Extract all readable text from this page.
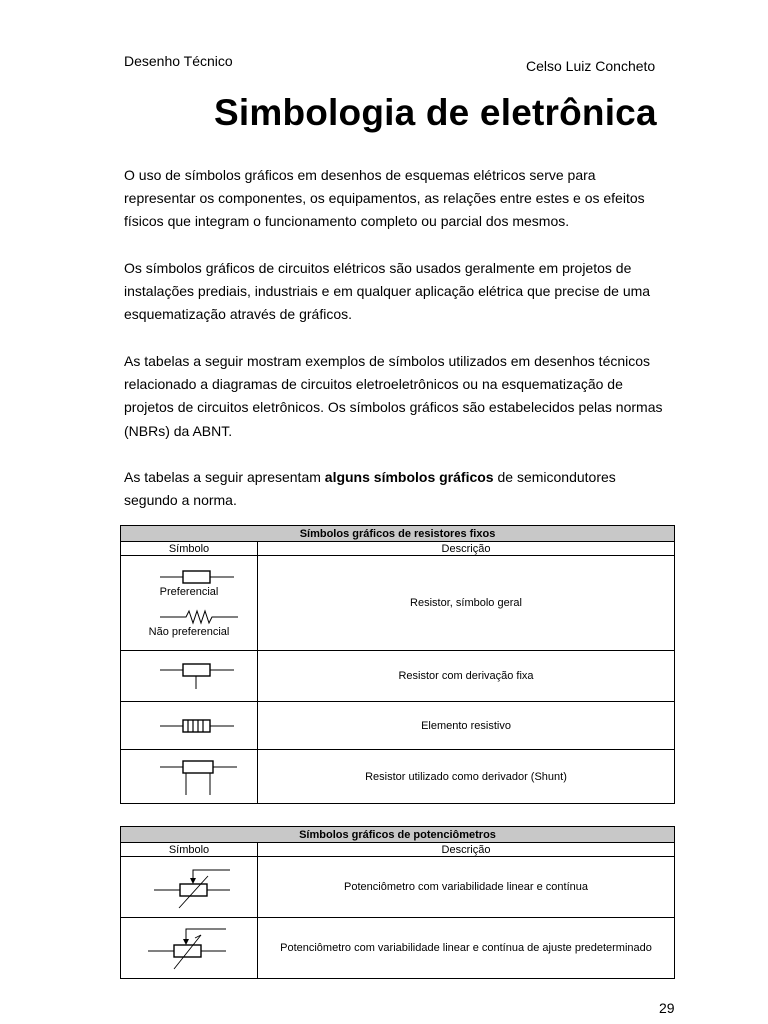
Desenho Técnico	Celso Luiz Concheto
Simbologia de eletrônica

O uso de símbolos gráficos em desenhos de esquemas elétricos serve para representar os componentes, os equipamentos, as relações entre estes e os efeitos físicos que integram o funcionamento completo ou parcial dos mesmos.

Os símbolos gráficos de circuitos elétricos são usados geralmente em projetos de instalações prediais, industriais e em qualquer aplicação elétrica que precise de uma esquematização através de gráficos.

As tabelas a seguir mostram exemplos de símbolos utilizados em desenhos técnicos relacionado a diagramas de circuitos eletroeletrônicos ou na esquematização de projetos de circuitos eletrônicos. Os símbolos gráficos são estabelecidos pelas normas (NBRs) da ABNT.

As tabelas a seguir apresentam alguns símbolos gráficos de semicondutores segundo a norma.

Símbolos gráficos de resistores fixos	
Símbolo	Descrição

Preferencial
Não preferencial	Resistor, símbolo geral

	Resistor com derivação fixa

	Elemento resistivo

	Resistor utilizado como derivador (Shunt)
Símbolos gráficos de potenciômetros	
Símbolo	Descrição

	Potenciômetro com variabilidade linear e contínua

	Potenciômetro com variabilidade linear e contínua de ajuste predeterminado
29
